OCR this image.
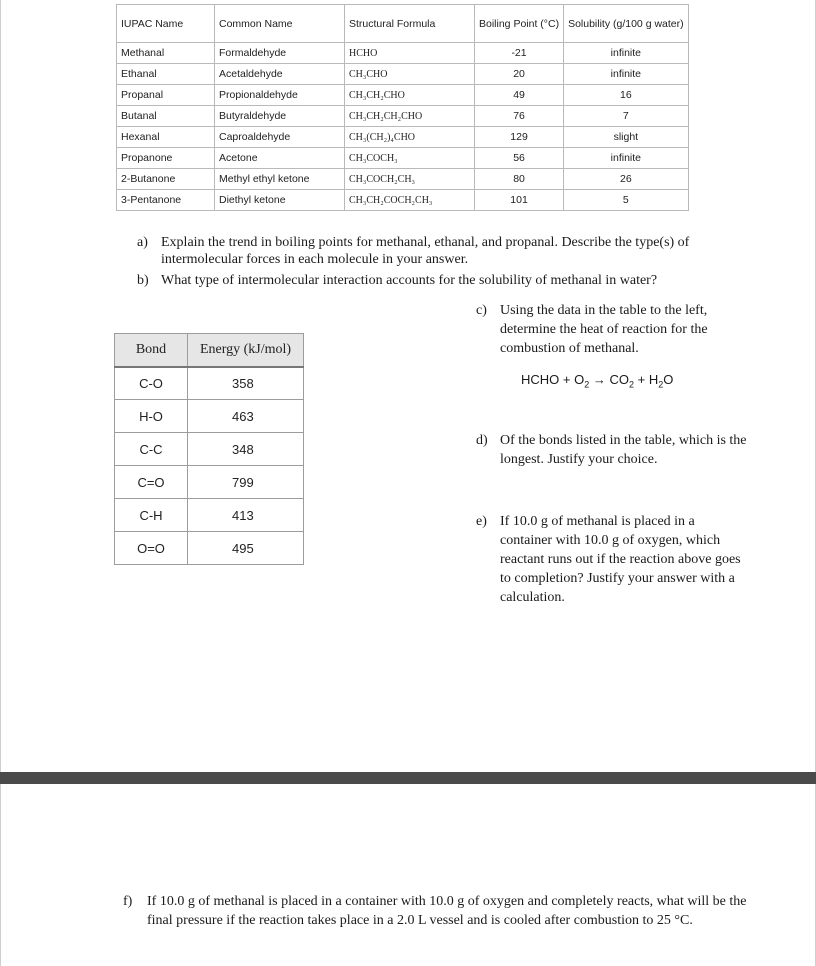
IUPAC Name	Common Name	Structural Formula	Boiling Point (°C)	Solubility (g/100 g water)
Methanal	Formaldehyde	HCHO	-21	infinite
Ethanal	Acetaldehyde	CH₃CHO	20	infinite
Propanal	Propionaldehyde	CH₃CH₂CHO	49	16
Butanal	Butyraldehyde	CH₃CH₂CH₂CHO	76	7
Hexanal	Caproaldehyde	CH₃(CH₂)₄CHO	129	slight
Propanone	Acetone	CH₃COCH₃	56	infinite
2-Butanone	Methyl ethyl ketone	CH₃COCH₂CH₃	80	26
3-Pentanone	Diethyl ketone	CH₃CH₂COCH₂CH₃	101	5
a) Explain the trend in boiling points for methanal, ethanal, and propanal. Describe the type(s) of intermolecular forces in each molecule in your answer.
b) What type of intermolecular interaction accounts for the solubility of methanal in water?
c) Using the data in the table to the left, determine the heat of reaction for the combustion of methanal.
HCHO + $O_2 \to CO_2 + H_2O$
Bond	Energy (kJ/mol)
C-O	358
H-O	463
C-C	348
C=O	799
C-H	413
O=O	495
d) Of the bonds listed in the table, which is the longest. Justify your choice.
e) If 10.0 g of methanal is placed in a container with 10.0 g of oxygen, which reactant runs out if the reaction above goes to completion? Justify your answer with a calculation.
f) If 10.0 g of methanal is placed in a container with 10.0 g of oxygen and completely reacts, what will be the final pressure if the reaction takes place in a 2.0 L vessel and is cooled after combustion to 25 °C.
